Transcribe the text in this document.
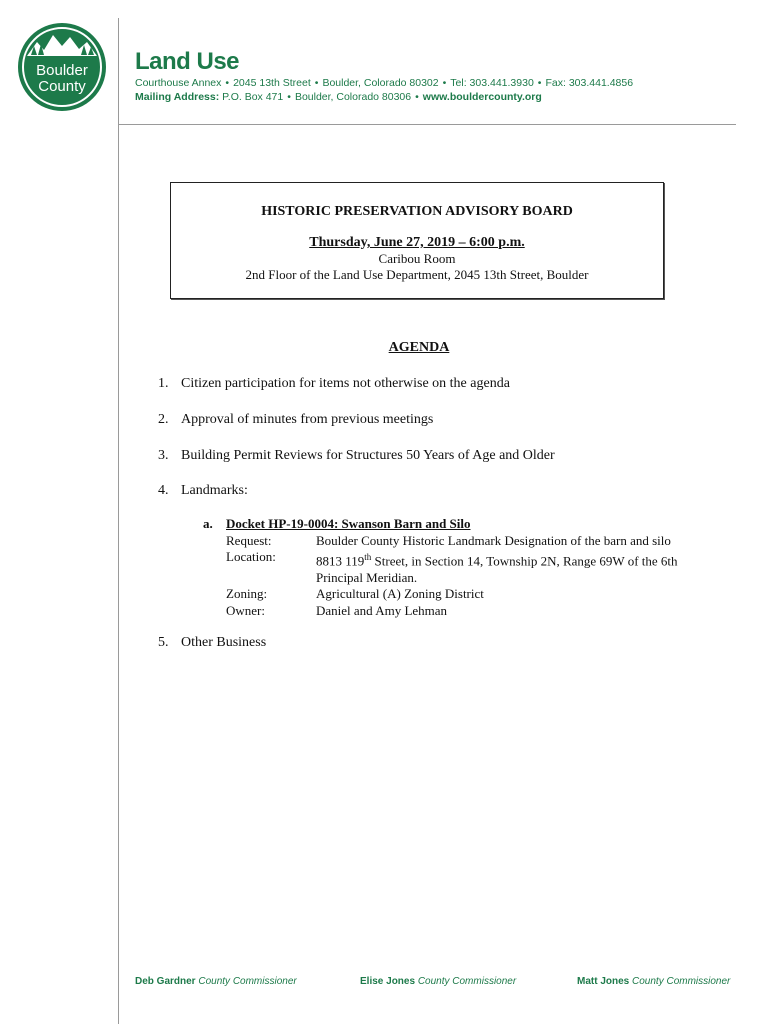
Boulder
County
Land Use
Courthouse Annex • 2045 13th Street • Boulder, Colorado 80302 • Tel: 303.441.3930 • Fax: 303.441.4856
Mailing Address: P.O. Box 471 • Boulder, Colorado 80306 • www.bouldercounty.org
HISTORIC PRESERVATION ADVISORY BOARD
Thursday, June 27, 2019 – 6:00 p.m.
Caribou Room
2nd Floor of the Land Use Department, 2045 13th Street, Boulder
AGENDA
1. Citizen participation for items not otherwise on the agenda
2. Approval of minutes from previous meetings
3. Building Permit Reviews for Structures 50 Years of Age and Older
4. Landmarks:
a. Docket HP-19-0004: Swanson Barn and Silo
Request:	Boulder County Historic Landmark Designation of the barn and silo
Location:	8813 119th Street, in Section 14, Township 2N, Range 69W of the 6th Principal Meridian.
Zoning:	Agricultural (A) Zoning District
Owner:	Daniel and Amy Lehman
5. Other Business
Deb Gardner County Commissioner	Elise Jones County Commissioner	Matt Jones County Commissioner
